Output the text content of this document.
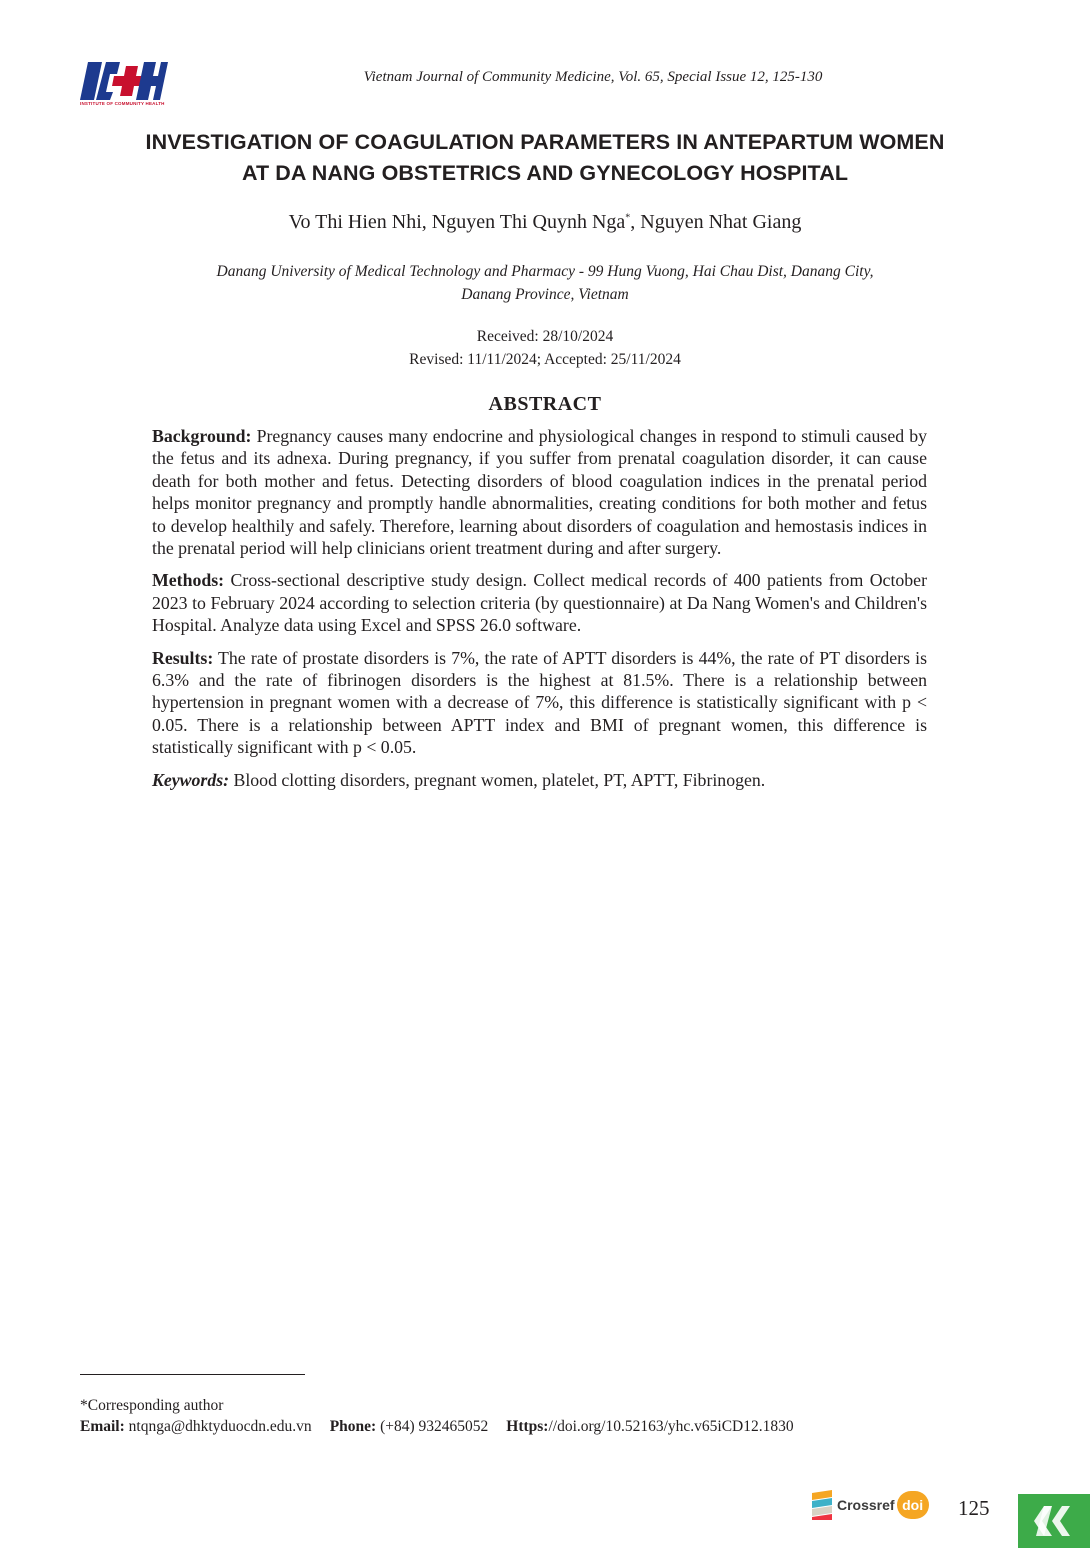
INSTITUTE OF COMMUNITY HEALTH
Vietnam Journal of Community Medicine, Vol. 65, Special Issue 12, 125-130
INVESTIGATION OF COAGULATION PARAMETERS IN ANTEPARTUM WOMEN
AT DA NANG OBSTETRICS AND GYNECOLOGY HOSPITAL
Vo Thi Hien Nhi, Nguyen Thi Quynh Nga*, Nguyen Nhat Giang
Danang University of Medical Technology and Pharmacy - 99 Hung Vuong, Hai Chau Dist, Danang City,
Danang Province, Vietnam
Received: 28/10/2024
Revised: 11/11/2024; Accepted: 25/11/2024
ABSTRACT

Background: Pregnancy causes many endocrine and physiological changes in respond to stimuli caused by the fetus and its adnexa. During pregnancy, if you suffer from prenatal coagulation disorder, it can cause death for both mother and fetus. Detecting disorders of blood coagulation indices in the prenatal period helps monitor pregnancy and promptly handle abnormalities, creating conditions for both mother and fetus to develop healthily and safely. Therefore, learning about disorders of coagulation and hemostasis indices in the prenatal period will help clinicians orient treatment during and after surgery.

Methods: Cross-sectional descriptive study design. Collect medical records of 400 patients from October 2023 to February 2024 according to selection criteria (by questionnaire) at Da Nang Women's and Children's Hospital. Analyze data using Excel and SPSS 26.0 software.

Results: The rate of prostate disorders is 7%, the rate of APTT disorders is 44%, the rate of PT disorders is 6.3% and the rate of fibrinogen disorders is the highest at 81.5%. There is a relationship between hypertension in pregnant women with a decrease of 7%, this difference is statistically significant with p < 0.05. There is a relationship between APTT index and BMI of pregnant women, this difference is statistically significant with p < 0.05.

Keywords: Blood clotting disorders, pregnant women, platelet, PT, APTT, Fibrinogen.

*Corresponding author
Email: ntqnga@dhktyduocdn.edu.vn Phone: (+84) 932465052 Https://doi.org/10.52163/yhc.v65iCD12.1830
Crossref doi 125
